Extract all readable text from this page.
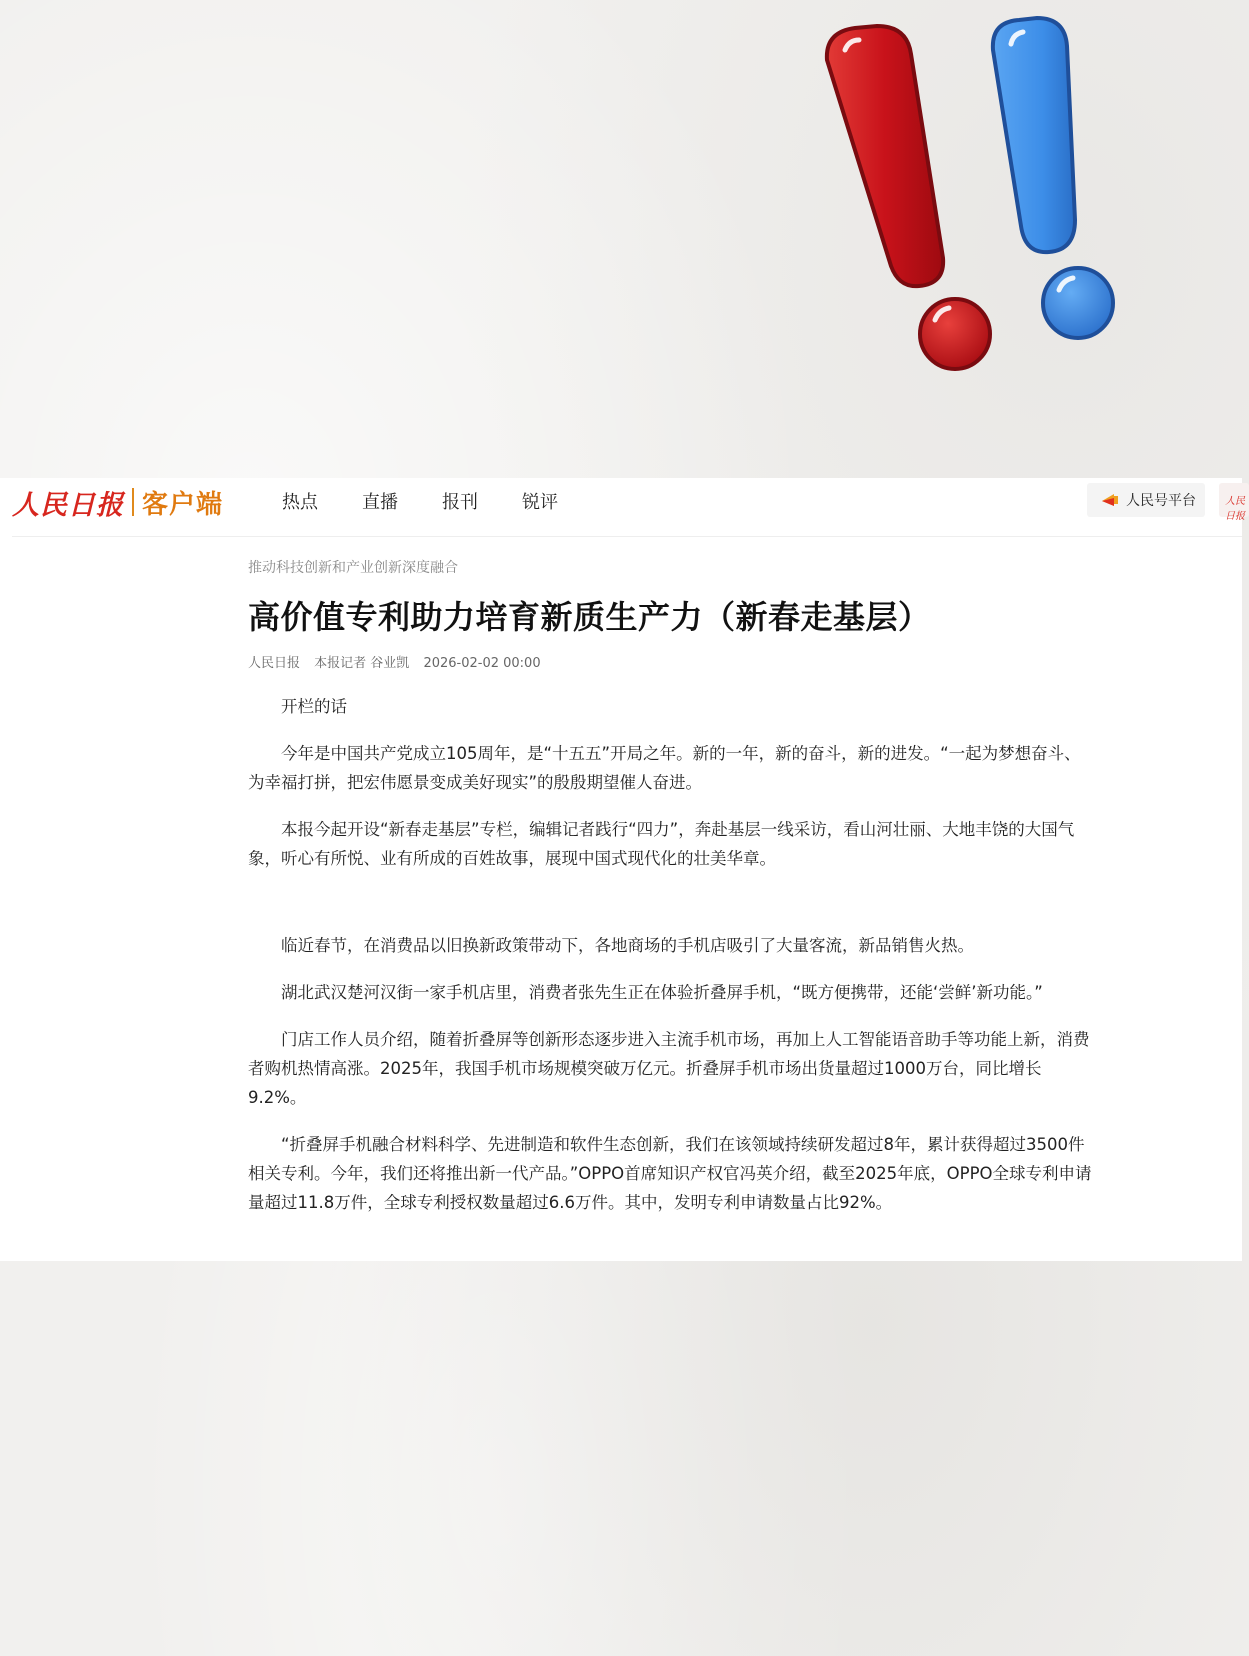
人民日报 客户端	热点 直播 报刊 锐评	人民号平台	人民日报
推动科技创新和产业创新深度融合
高价值专利助力培育新质生产力（新春走基层）
人民日报 本报记者 谷业凯 2026-02-02 00:00

开栏的话

今年是中国共产党成立105周年，是“十五五”开局之年。新的一年，新的奋斗，新的进发。“一起为梦想奋斗、为幸福打拼，把宏伟愿景变成美好现实”的殷殷期望催人奋进。

本报今起开设“新春走基层”专栏，编辑记者践行“四力”，奔赴基层一线采访，看山河壮丽、大地丰饶的大国气象，听心有所悦、业有所成的百姓故事，展现中国式现代化的壮美华章。

临近春节，在消费品以旧换新政策带动下，各地商场的手机店吸引了大量客流，新品销售火热。

湖北武汉楚河汉街一家手机店里，消费者张先生正在体验折叠屏手机，“既方便携带，还能‘尝鲜’新功能。”

门店工作人员介绍，随着折叠屏等创新形态逐步进入主流手机市场，再加上人工智能语音助手等功能上新，消费者购机热情高涨。2025年，我国手机市场规模突破万亿元。折叠屏手机市场出货量超过1000万台，同比增长9.2%。

“折叠屏手机融合材料科学、先进制造和软件生态创新，我们在该领域持续研发超过8年，累计获得超过3500件相关专利。今年，我们还将推出新一代产品。”OPPO首席知识产权官冯英介绍，截至2025年底，OPPO全球专利申请量超过11.8万件，全球专利授权数量超过6.6万件。其中，发明专利申请数量占比92%。
